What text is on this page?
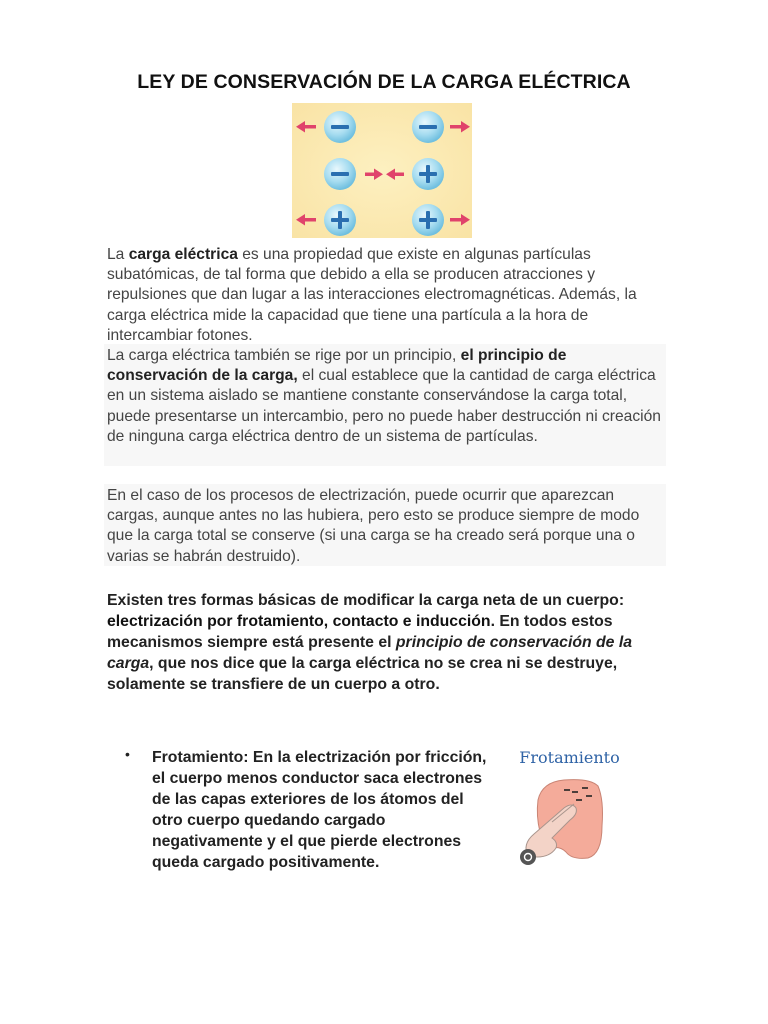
LEY DE CONSERVACIÓN DE LA CARGA ELÉCTRICA
La carga eléctrica es una propiedad que existe en algunas partículas subatómicas, de tal forma que debido a ella se producen atracciones y repulsiones que dan lugar a las interacciones electromagnéticas. Además, la carga eléctrica mide la capacidad que tiene una partícula a la hora de intercambiar fotones.
La carga eléctrica también se rige por un principio, el principio de conservación de la carga, el cual establece que la cantidad de carga eléctrica en un sistema aislado se mantiene constante conservándose la carga total, puede presentarse un intercambio, pero no puede haber destrucción ni creación de ninguna carga eléctrica dentro de un sistema de partículas.
En el caso de los procesos de electrización, puede ocurrir que aparezcan cargas, aunque antes no las hubiera, pero esto se produce siempre de modo que la carga total se conserve (si una carga se ha creado será porque una o varias se habrán destruido).
Existen tres formas básicas de modificar la carga neta de un cuerpo: electrización por frotamiento, contacto e inducción. En todos estos mecanismos siempre está presente el principio de conservación de la carga, que nos dice que la carga eléctrica no se crea ni se destruye, solamente se transfiere de un cuerpo a otro.
• Frotamiento: En la electrización por fricción, el cuerpo menos conductor saca electrones de las capas exteriores de los átomos del otro cuerpo quedando cargado negativamente y el que pierde electrones queda cargado positivamente.
Frotamiento
